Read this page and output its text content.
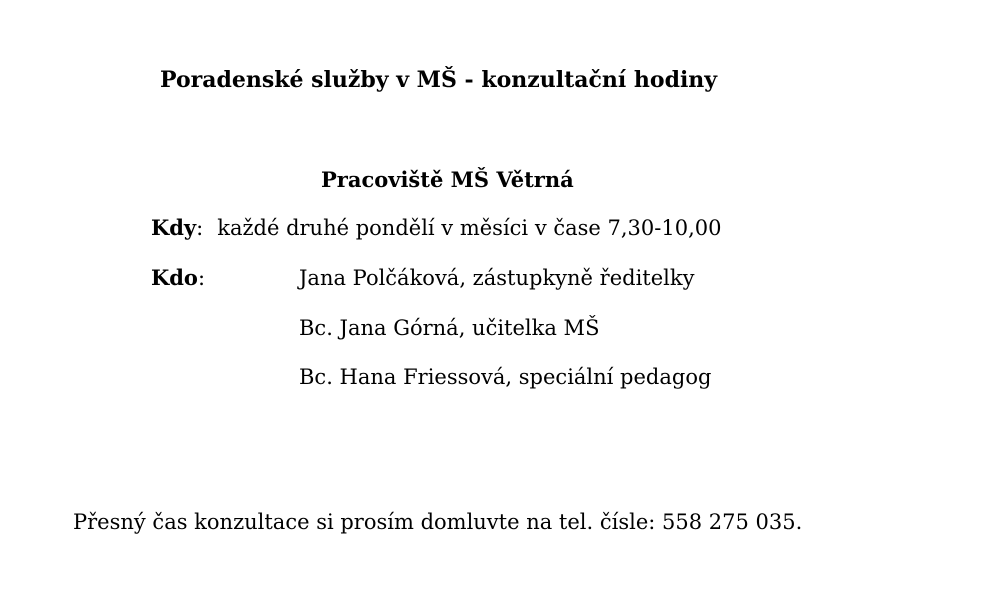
Poradenské služby v MŠ - konzultační hodiny
Pracoviště MŠ Větrná
Kdy: každé druhé pondělí v měsíci v čase 7,30-10,00
Kdo:	Jana Polčáková, zástupkyně ředitelky
Bc. Jana Górná, učitelka MŠ
Bc. Hana Friessová, speciální pedagog
Přesný čas konzultace si prosím domluvte na tel. čísle: 558 275 035.
